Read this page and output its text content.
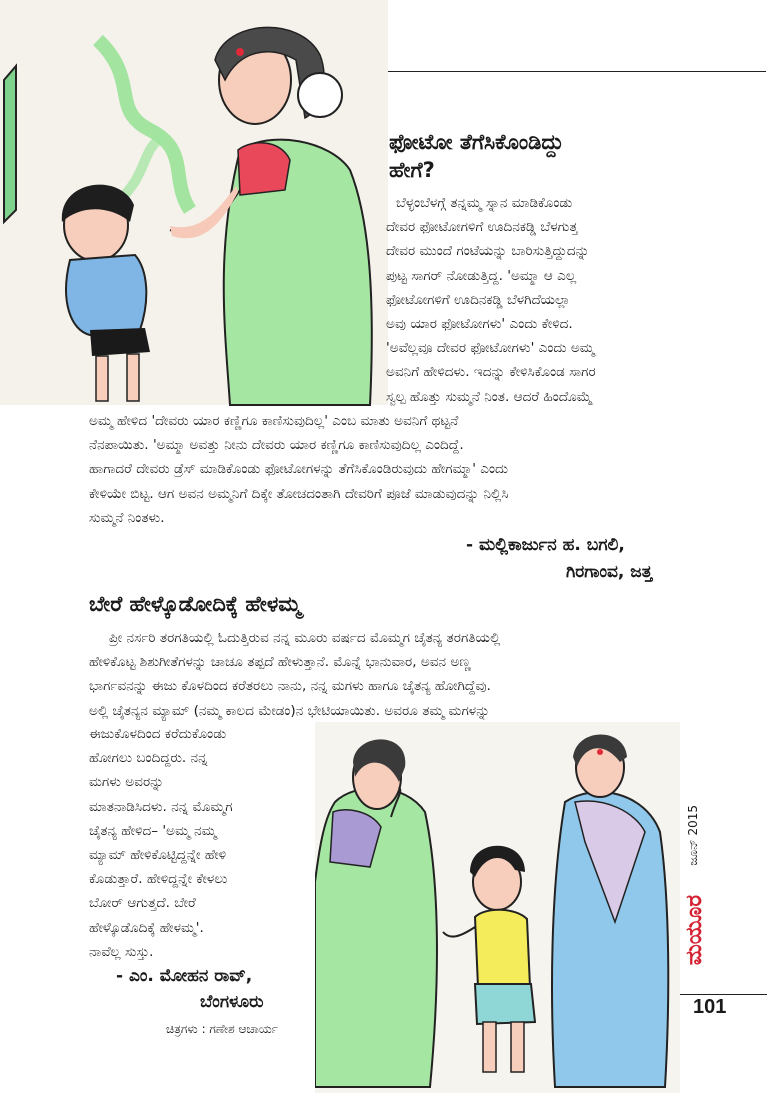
ಫೋಟೋ ತೆಗೆಸಿಕೊಂಡಿದ್ದು
ಹೇಗೆ?
ಬೆಳ್ಳಂಬೆಳಗ್ಗೆ ತನ್ನಮ್ಮ ಸ್ನಾನ ಮಾಡಿಕೊಂಡು
ದೇವರ ಫೋಟೋಗಳಿಗೆ ಊದಿನಕಡ್ಡಿ ಬೆಳಗುತ್ತ
ದೇವರ ಮುಂದೆ ಗಂಟೆಯನ್ನು ಬಾರಿಸುತ್ತಿದ್ದುದನ್ನು
ಪುಟ್ಟ ಸಾಗರ್ ನೋಡುತ್ತಿದ್ದ. 'ಅಮ್ಮಾ ಆ ಎಲ್ಲ
ಫೋಟೋಗಳಿಗೆ ಊದಿನಕಡ್ಡಿ ಬೆಳಗಿದೆಯಲ್ಲಾ
ಅವು ಯಾರ ಫೋಟೋಗಳು' ಎಂದು ಕೇಳಿದ.
'ಅವೆಲ್ಲವೂ ದೇವರ ಫೋಟೋಗಳು' ಎಂದು ಅಮ್ಮ
ಅವನಿಗೆ ಹೇಳಿದಳು. ಇದನ್ನು ಕೇಳಿಸಿಕೊಂಡ ಸಾಗರ
ಸ್ವಲ್ಪ ಹೊತ್ತು ಸುಮ್ಮನೆ ನಿಂತ. ಆದರೆ ಹಿಂದೊಮ್ಮೆ
ಅಮ್ಮ ಹೇಳಿದ 'ದೇವರು ಯಾರ ಕಣ್ಣಿಗೂ ಕಾಣಿಸುವುದಿಲ್ಲ' ಎಂಬ ಮಾತು ಅವನಿಗೆ ಥಟ್ಟನೆ
ನೆನಪಾಯಿತು. 'ಅಮ್ಮಾ ಅವತ್ತು ನೀನು ದೇವರು ಯಾರ ಕಣ್ಣಿಗೂ ಕಾಣಿಸುವುದಿಲ್ಲ ಎಂದಿದ್ದೆ.
ಹಾಗಾದರೆ ದೇವರು ಡ್ರೆಸ್ ಮಾಡಿಕೊಂಡು ಫೋಟೋಗಳನ್ನು ತೆಗೆಸಿಕೊಂಡಿರುವುದು ಹೇಗಮ್ಮಾ' ಎಂದು
ಕೇಳಿಯೇ ಬಿಟ್ಟ. ಆಗ ಅವನ ಅಮ್ಮನಿಗೆ ದಿಕ್ಕೇ ತೋಚದಂತಾಗಿ ದೇವರಿಗೆ ಪೂಜೆ ಮಾಡುವುದನ್ನು ನಿಲ್ಲಿಸಿ
ಸುಮ್ಮನೆ ನಿಂತಳು.
- ಮಲ್ಲಿಕಾರ್ಜುನ ಹ. ಬಗಲಿ,
ಗಿರಗಾಂವ, ಜತ್ತ
ಬೇರೆ ಹೇಳ್ಕೊಡೋದಿಕ್ಕೆ ಹೇಳಮ್ಮ
ಪ್ರೀ ನರ್ಸರಿ ತರಗತಿಯಲ್ಲಿ ಓದುತ್ತಿರುವ ನನ್ನ ಮೂರು ವರ್ಷದ ಮೊಮ್ಮಗ ಚೈತನ್ಯ ತರಗತಿಯಲ್ಲಿ
ಹೇಳಿಕೊಟ್ಟ ಶಿಶುಗೀತೆಗಳನ್ನು ಚಾಚೂ ತಪ್ಪದೆ ಹೇಳುತ್ತಾನೆ. ಮೊನ್ನೆ ಭಾನುವಾರ, ಅವನ ಅಣ್ಣ
ಭಾರ್ಗವನನ್ನು ಈಜು ಕೊಳದಿಂದ ಕರೆತರಲು ನಾನು, ನನ್ನ ಮಗಳು ಹಾಗೂ ಚೈತನ್ಯ ಹೋಗಿದ್ದೆವು.
ಅಲ್ಲಿ ಚೈತನ್ಯನ ಮ್ಯಾಮ್ (ನಮ್ಮ ಕಾಲದ ಮೇಡಂ)ನ ಭೇಟಿಯಾಯಿತು. ಅವರೂ ತಮ್ಮ ಮಗಳನ್ನು
ಈಜುಕೊಳದಿಂದ ಕರೆದುಕೊಂಡು
ಹೋಗಲು ಬಂದಿದ್ದರು. ನನ್ನ
ಮಗಳು ಅವರನ್ನು
ಮಾತನಾಡಿಸಿದಳು. ನನ್ನ ಮೊಮ್ಮಗ
ಚೈತನ್ಯ ಹೇಳಿದ– 'ಅಮ್ಮ ನಮ್ಮ
ಮ್ಯಾಮ್ ಹೇಳಿಕೊಟ್ಟಿದ್ದನ್ನೇ ಹೇಳಿ
ಕೊಡುತ್ತಾರೆ. ಹೇಳಿದ್ದನ್ನೇ ಕೇಳಲು
ಬೋರ್ ಆಗುತ್ತದೆ. ಬೇರೆ
ಹೇಳ್ಕೊಡೊದಿಕ್ಕೆ ಹೇಳಮ್ಮ'.
ನಾವೆಲ್ಲ ಸುಸ್ತು.
- ಎಂ. ಮೋಹನ ರಾವ್,
ಬೆಂಗಳೂರು
ಚಿತ್ರಗಳು : ಗಣೇಶ ಆಚಾರ್ಯ
ಜೂನ್ 2015
ಮಯೂರ
101
